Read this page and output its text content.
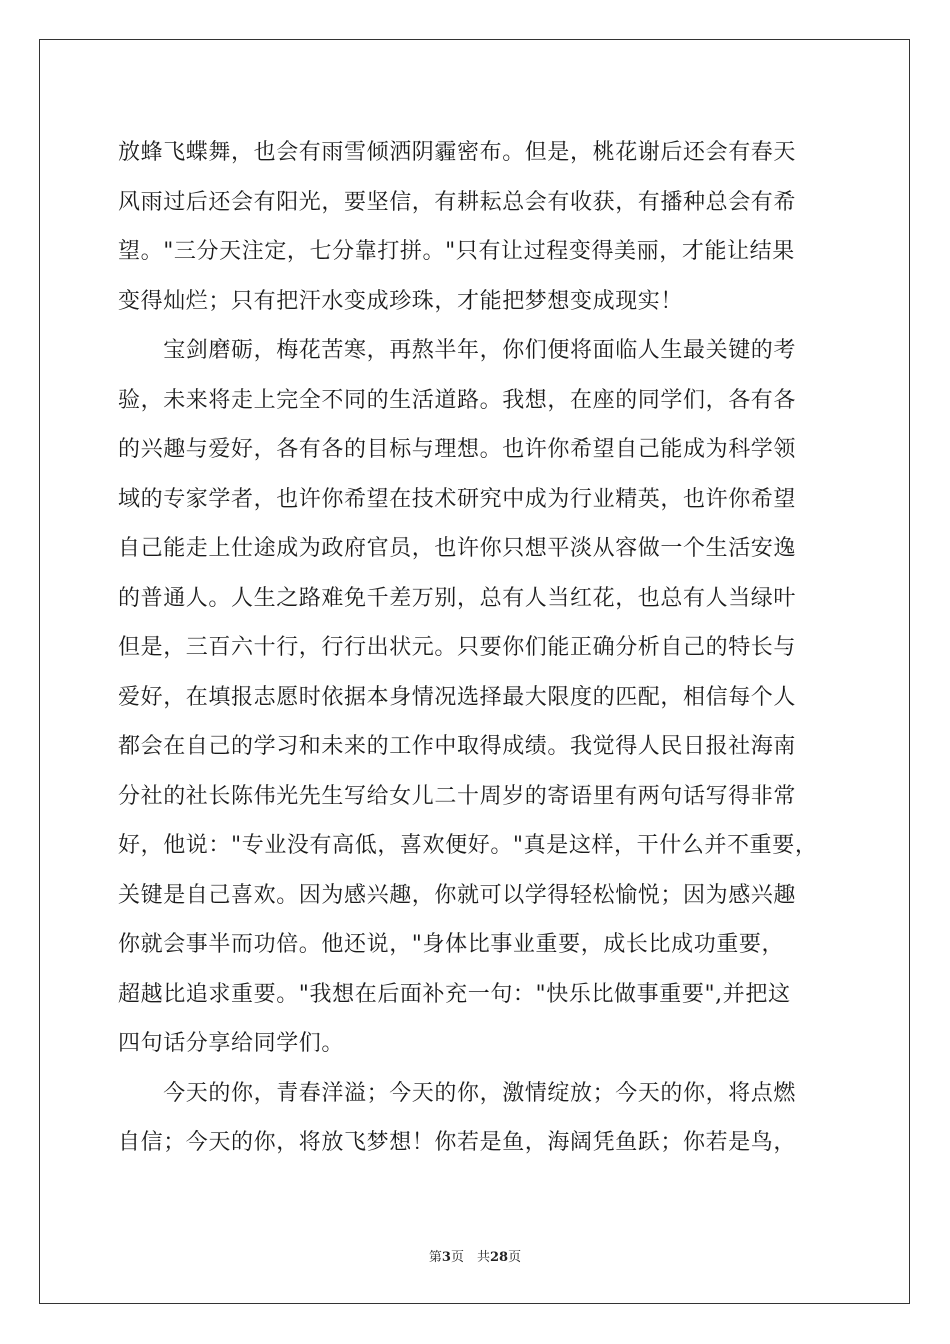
放蜂飞蝶舞，也会有雨雪倾洒阴霾密布。但是，桃花谢后还会有春天
风雨过后还会有阳光，要坚信，有耕耘总会有收获，有播种总会有希
望。"三分天注定，七分靠打拼。"只有让过程变得美丽，才能让结果
变得灿烂；只有把汗水变成珍珠，才能把梦想变成现实！
　　宝剑磨砺，梅花苦寒，再熬半年，你们便将面临人生最关键的考
验，未来将走上完全不同的生活道路。我想，在座的同学们，各有各
的兴趣与爱好，各有各的目标与理想。也许你希望自己能成为科学领
域的专家学者，也许你希望在技术研究中成为行业精英，也许你希望
自己能走上仕途成为政府官员，也许你只想平淡从容做一个生活安逸
的普通人。人生之路难免千差万别，总有人当红花，也总有人当绿叶
但是，三百六十行，行行出状元。只要你们能正确分析自己的特长与
爱好，在填报志愿时依据本身情况选择最大限度的匹配，相信每个人
都会在自己的学习和未来的工作中取得成绩。我觉得人民日报社海南
分社的社长陈伟光先生写给女儿二十周岁的寄语里有两句话写得非常
好，他说："专业没有高低，喜欢便好。"真是这样，干什么并不重要，
关键是自己喜欢。因为感兴趣，你就可以学得轻松愉悦；因为感兴趣
你就会事半而功倍。他还说，"身体比事业重要，成长比成功重要，
超越比追求重要。"我想在后面补充一句："快乐比做事重要",并把这
四句话分享给同学们。
　　今天的你，青春洋溢；今天的你，激情绽放；今天的你，将点燃
自信；今天的你，将放飞梦想！你若是鱼，海阔凭鱼跃；你若是鸟，
第3页　共28页
